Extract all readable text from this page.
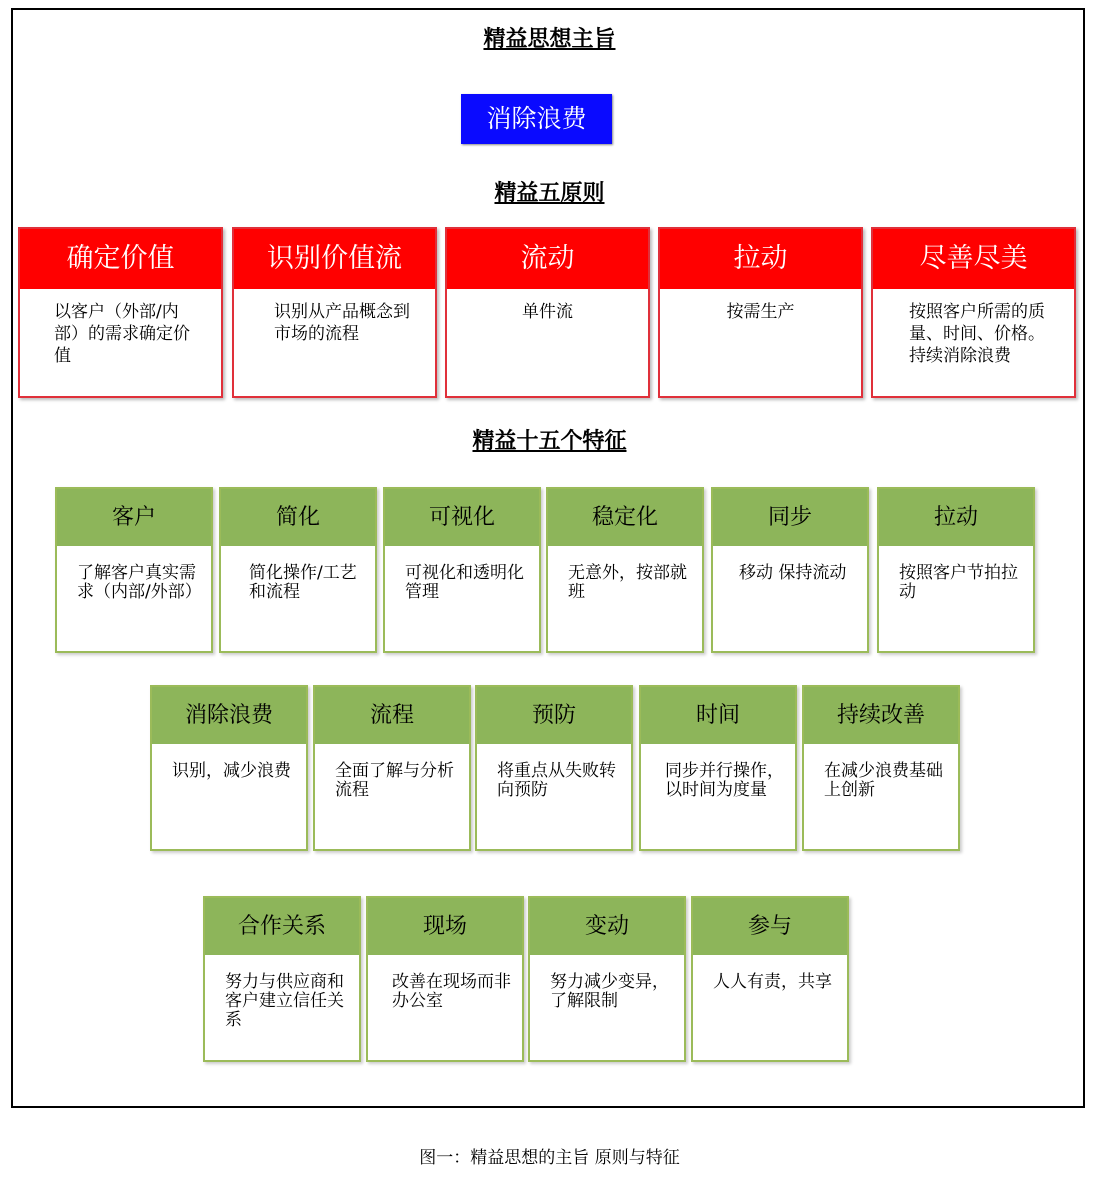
精益思想主旨
消除浪费
精益五原则
确定价值
以客户（外部/内部）的需求确定价值
识别价值流
识别从产品概念到市场的流程
流动
单件流
拉动
按需生产
尽善尽美
按照客户所需的质量、时间、价格。持续消除浪费
精益十五个特征
客户
了解客户真实需求（内部/外部）
简化
简化操作/工艺和流程
可视化
可视化和透明化管理
稳定化
无意外，按部就班
同步
移动 保持流动
拉动
按照客户节拍拉动
消除浪费
识别，减少浪费
流程
全面了解与分析流程
预防
将重点从失败转向预防
时间
同步并行操作，以时间为度量
持续改善
在减少浪费基础上创新
合作关系
努力与供应商和客户建立信任关系
现场
改善在现场而非办公室
变动
努力减少变异，了解限制
参与
人人有责，共享
图一：精益思想的主旨 原则与特征
